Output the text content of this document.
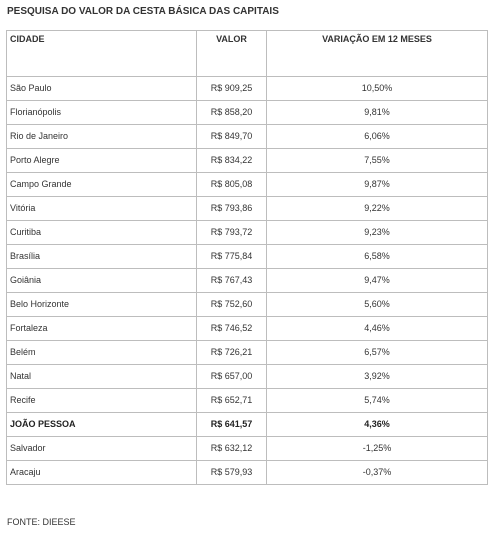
PESQUISA DO VALOR DA CESTA BÁSICA DAS CAPITAIS
CIDADE	VALOR	VARIAÇÃO EM 12 MESES
São Paulo	R$ 909,25	10,50%
Florianópolis	R$ 858,20	9,81%
Rio de Janeiro	R$ 849,70	6,06%
Porto Alegre	R$ 834,22	7,55%
Campo Grande	R$ 805,08	9,87%
Vitória	R$ 793,86	9,22%
Curitiba	R$ 793,72	9,23%
Brasília	R$ 775,84	6,58%
Goiânia	R$ 767,43	9,47%
Belo Horizonte	R$ 752,60	5,60%
Fortaleza	R$ 746,52	4,46%
Belém	R$ 726,21	6,57%
Natal	R$ 657,00	3,92%
Recife	R$ 652,71	5,74%
JOÃO PESSOA	R$ 641,57	4,36%
Salvador	R$ 632,12	-1,25%
Aracaju	R$ 579,93	-0,37%
FONTE: DIEESE
